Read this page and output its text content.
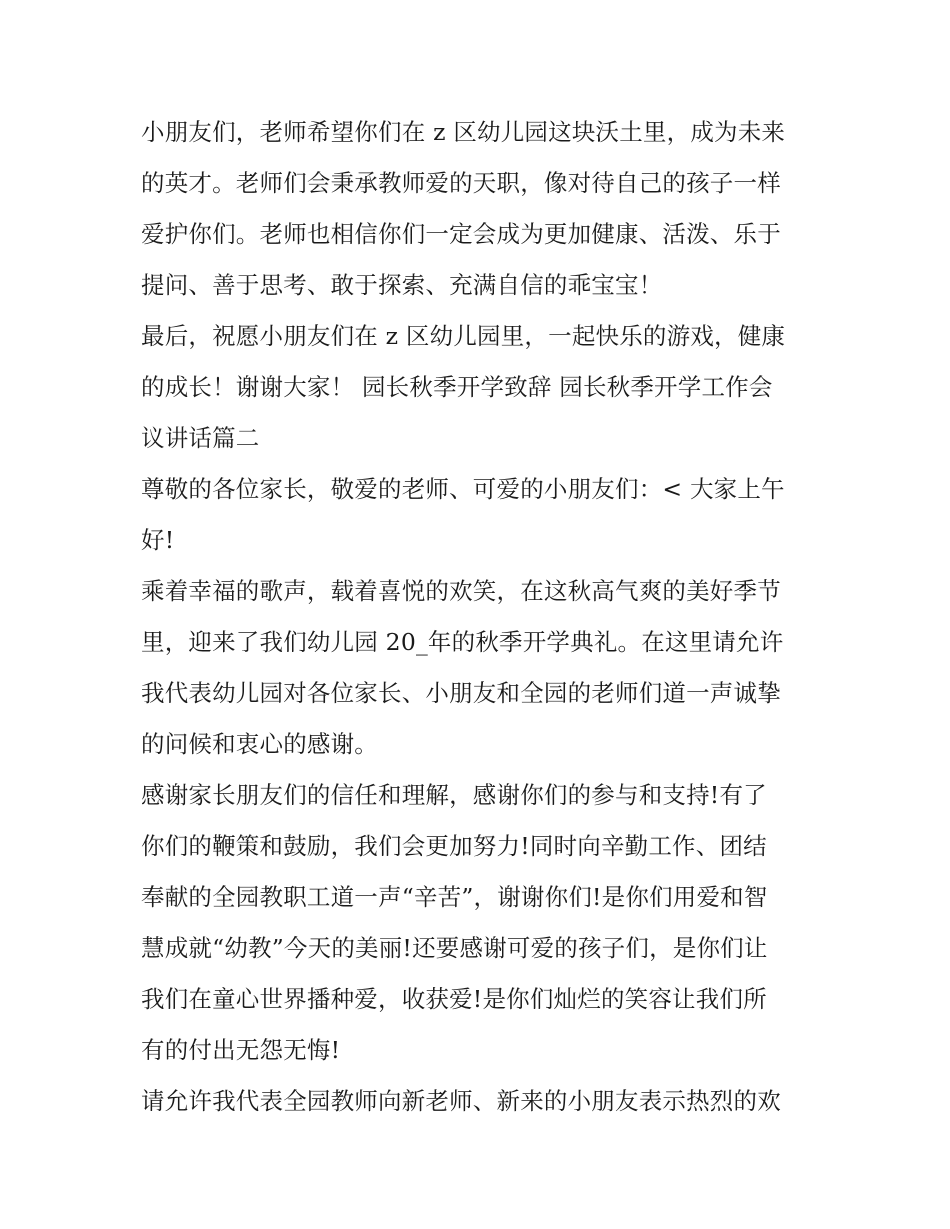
小朋友们，老师希望你们在 z 区幼儿园这块沃土里，成为未来
的英才。老师们会秉承教师爱的天职，像对待自己的孩子一样
爱护你们。老师也相信你们一定会成为更加健康、活泼、乐于
提问、善于思考、敢于探索、充满自信的乖宝宝！
最后，祝愿小朋友们在 z 区幼儿园里，一起快乐的游戏，健康
的成长！谢谢大家！ 园长秋季开学致辞 园长秋季开学工作会
议讲话篇二
尊敬的各位家长，敬爱的老师、可爱的小朋友们：< 大家上午
好!
乘着幸福的歌声，载着喜悦的欢笑，在这秋高气爽的美好季节
里，迎来了我们幼儿园 20_年的秋季开学典礼。在这里请允许
我代表幼儿园对各位家长、小朋友和全园的老师们道一声诚挚
的问候和衷心的感谢。
感谢家长朋友们的信任和理解，感谢你们的参与和支持!有了
你们的鞭策和鼓励，我们会更加努力!同时向辛勤工作、团结
奉献的全园教职工道一声“辛苦”，谢谢你们!是你们用爱和智
慧成就“幼教”今天的美丽!还要感谢可爱的孩子们，是你们让
我们在童心世界播种爱，收获爱!是你们灿烂的笑容让我们所
有的付出无怨无悔!
请允许我代表全园教师向新老师、新来的小朋友表示热烈的欢
